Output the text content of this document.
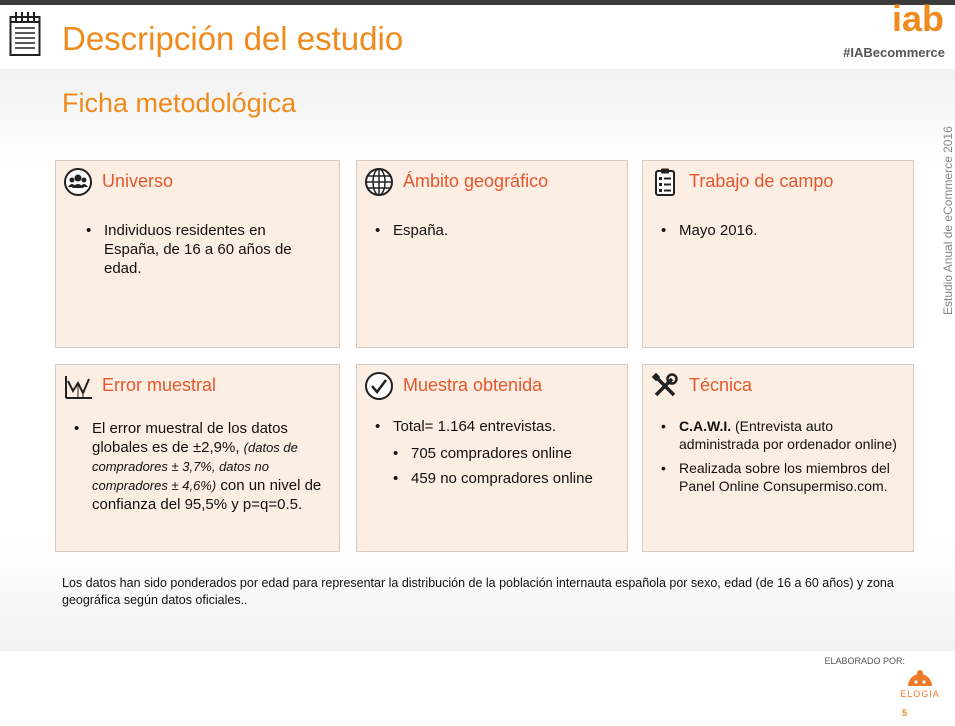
Descripción del estudio	iab
#IABecommerce
Ficha metodológica
Estudio Anual de eCommerce 2016
Universo
• Individuos residentes en España, de 16 a 60 años de edad.
Ámbito geográfico
• España.
Trabajo de campo
• Mayo 2016.
Error muestral
• El error muestral de los datos globales es de ±2,9%, (datos de compradores ± 3,7%, datos no compradores ± 4,6%) con un nivel de confianza del 95,5% y p=q=0.5.
Muestra obtenida
• Total= 1.164 entrevistas.
• 705 compradores online
• 459 no compradores online
Técnica
• C.A.W.I. (Entrevista auto administrada por ordenador online)
• Realizada sobre los miembros del Panel Online Consupermiso.com.
Los datos han sido ponderados por edad para representar la distribución de la población internauta española por sexo, edad (de 16 a 60 años) y zona geográfica según datos oficiales..
ELABORADO POR:
ELOGIA
5
